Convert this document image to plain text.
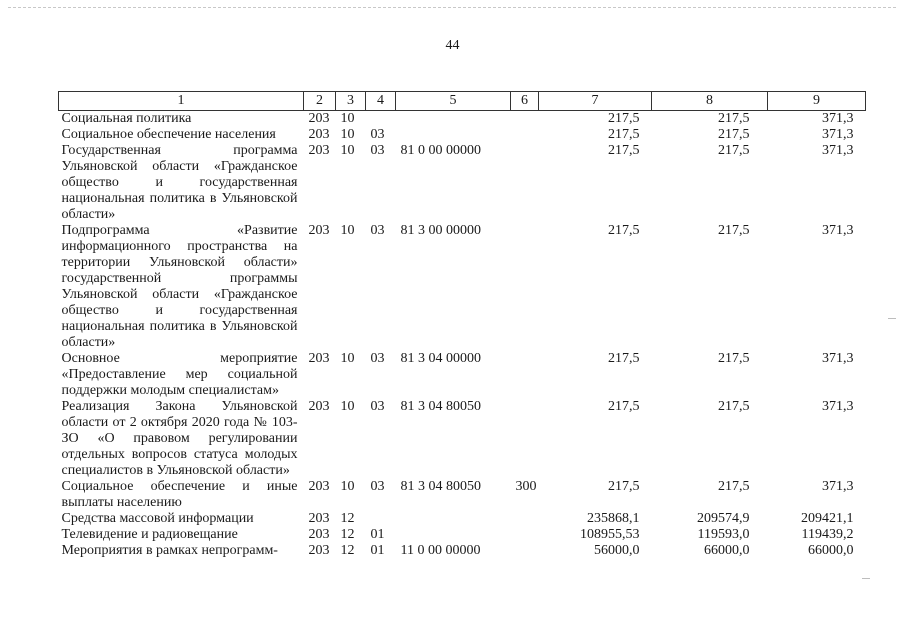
44
1	2	3	4	5	6	7	8	9
Социальная политика	203	10				217,5	217,5	371,3
Социальное обеспечение населения	203	10	03			217,5	217,5	371,3
Государственная программа Ульяновской области «Гражданское общество и государственная национальная политика в Ульяновской области»	203	10	03	81 0 00 00000		217,5	217,5	371,3
Подпрограмма «Развитие информационного пространства на территории Ульяновской области» государственной программы Ульяновской области «Гражданское общество и государственная национальная политика в Ульяновской области»	203	10	03	81 3 00 00000		217,5	217,5	371,3
Основное мероприятие «Предоставление мер социальной поддержки молодым специалистам»	203	10	03	81 3 04 00000		217,5	217,5	371,3
Реализация Закона Ульяновской области от 2 октября 2020 года № 103-ЗО «О правовом регулировании отдельных вопросов статуса молодых специалистов в Ульяновской области»	203	10	03	81 3 04 80050		217,5	217,5	371,3
Социальное обеспечение и иные выплаты населению	203	10	03	81 3 04 80050	300	217,5	217,5	371,3
Средства массовой информации	203	12				235868,1	209574,9	209421,1
Телевидение и радиовещание	203	12	01			108955,53	119593,0	119439,2
Мероприятия в рамках непрограмм-	203	12	01	11 0 00 00000		56000,0	66000,0	66000,0
